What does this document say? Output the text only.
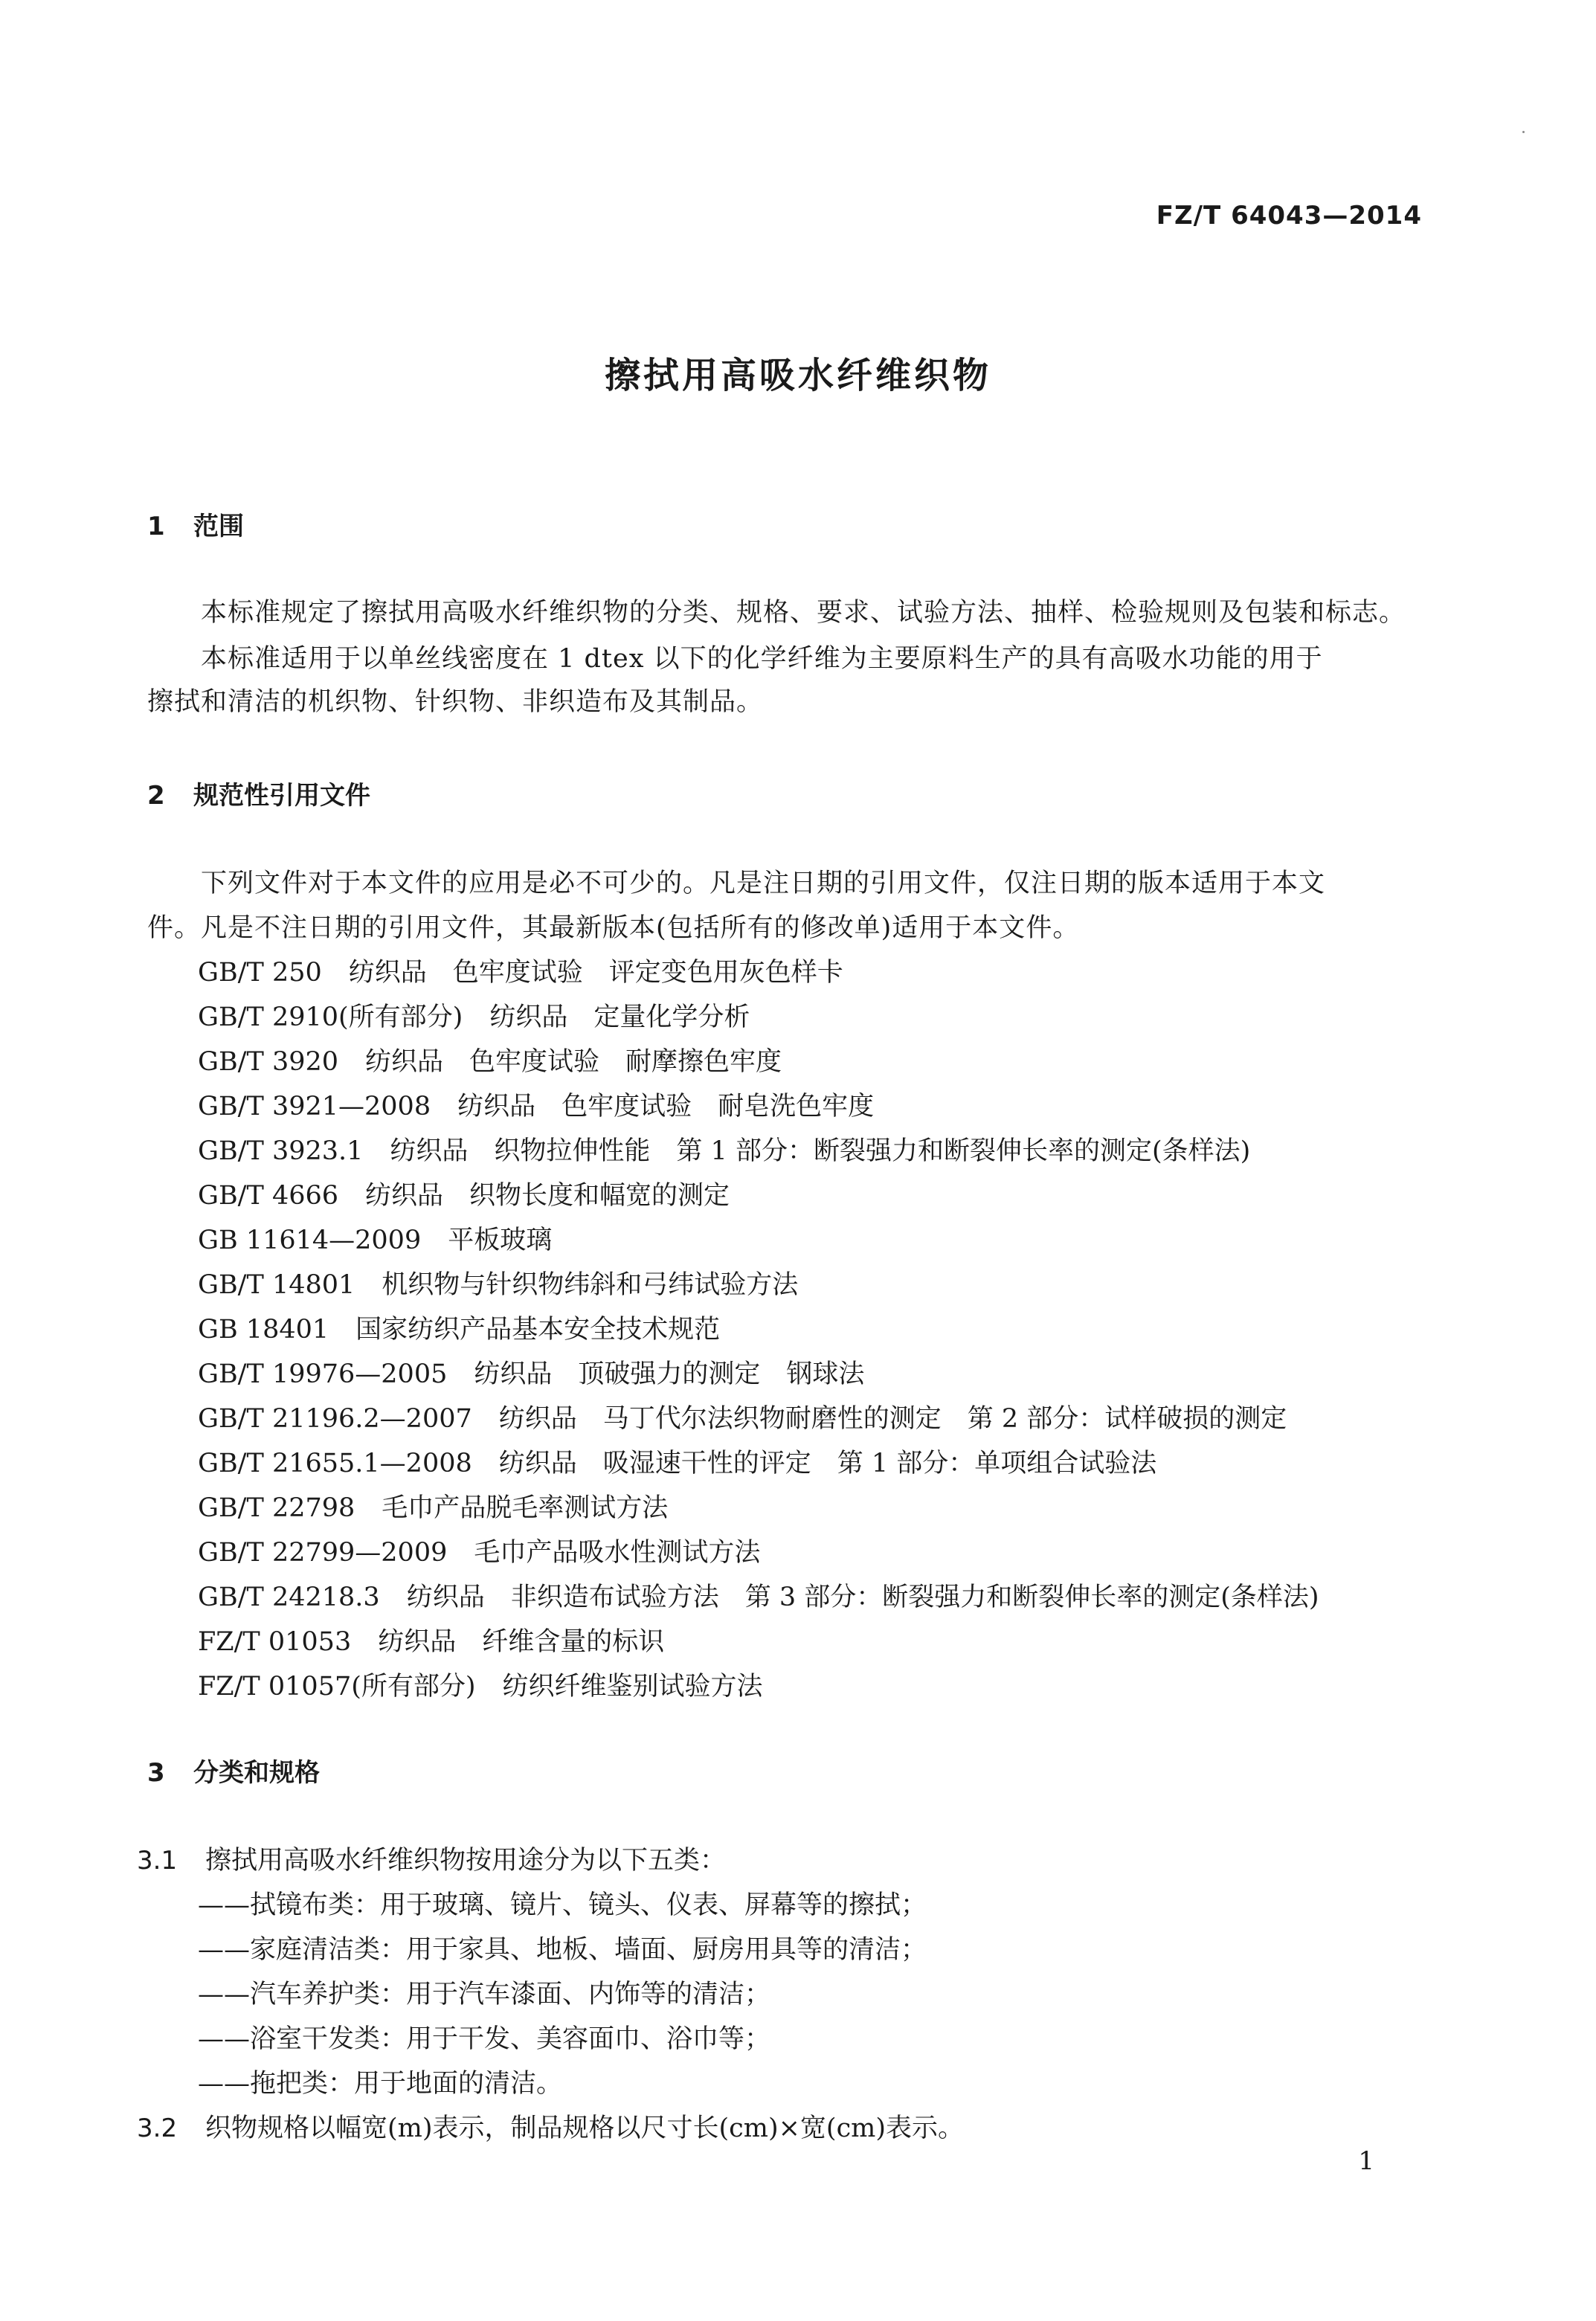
FZ/T 64043—2014
擦拭用高吸水纤维织物
1 范围
本标准规定了擦拭用高吸水纤维织物的分类、规格、要求、试验方法、抽样、检验规则及包装和标志。
本标准适用于以单丝线密度在 1 dtex 以下的化学纤维为主要原料生产的具有高吸水功能的用于
擦拭和清洁的机织物、针织物、非织造布及其制品。
2 规范性引用文件
下列文件对于本文件的应用是必不可少的。凡是注日期的引用文件，仅注日期的版本适用于本文
件。凡是不注日期的引用文件，其最新版本(包括所有的修改单)适用于本文件。
GB/T 250 纺织品　色牢度试验　评定变色用灰色样卡
GB/T 2910(所有部分) 纺织品　定量化学分析
GB/T 3920 纺织品　色牢度试验　耐摩擦色牢度
GB/T 3921—2008 纺织品　色牢度试验　耐皂洗色牢度
GB/T 3923.1 纺织品　织物拉伸性能　第 1 部分：断裂强力和断裂伸长率的测定(条样法)
GB/T 4666 纺织品　织物长度和幅宽的测定
GB 11614—2009 平板玻璃
GB/T 14801 机织物与针织物纬斜和弓纬试验方法
GB 18401 国家纺织产品基本安全技术规范
GB/T 19976—2005 纺织品　顶破强力的测定　钢球法
GB/T 21196.2—2007 纺织品　马丁代尔法织物耐磨性的测定　第 2 部分：试样破损的测定
GB/T 21655.1—2008 纺织品　吸湿速干性的评定　第 1 部分：单项组合试验法
GB/T 22798 毛巾产品脱毛率测试方法
GB/T 22799—2009 毛巾产品吸水性测试方法
GB/T 24218.3 纺织品　非织造布试验方法　第 3 部分：断裂强力和断裂伸长率的测定(条样法)
FZ/T 01053 纺织品　纤维含量的标识
FZ/T 01057(所有部分) 纺织纤维鉴别试验方法
3 分类和规格
3.1 擦拭用高吸水纤维织物按用途分为以下五类：
——拭镜布类：用于玻璃、镜片、镜头、仪表、屏幕等的擦拭；
——家庭清洁类：用于家具、地板、墙面、厨房用具等的清洁；
——汽车养护类：用于汽车漆面、内饰等的清洁；
——浴室干发类：用于干发、美容面巾、浴巾等；
——拖把类：用于地面的清洁。
3.2 织物规格以幅宽(m)表示，制品规格以尺寸长(cm)×宽(cm)表示。
1
